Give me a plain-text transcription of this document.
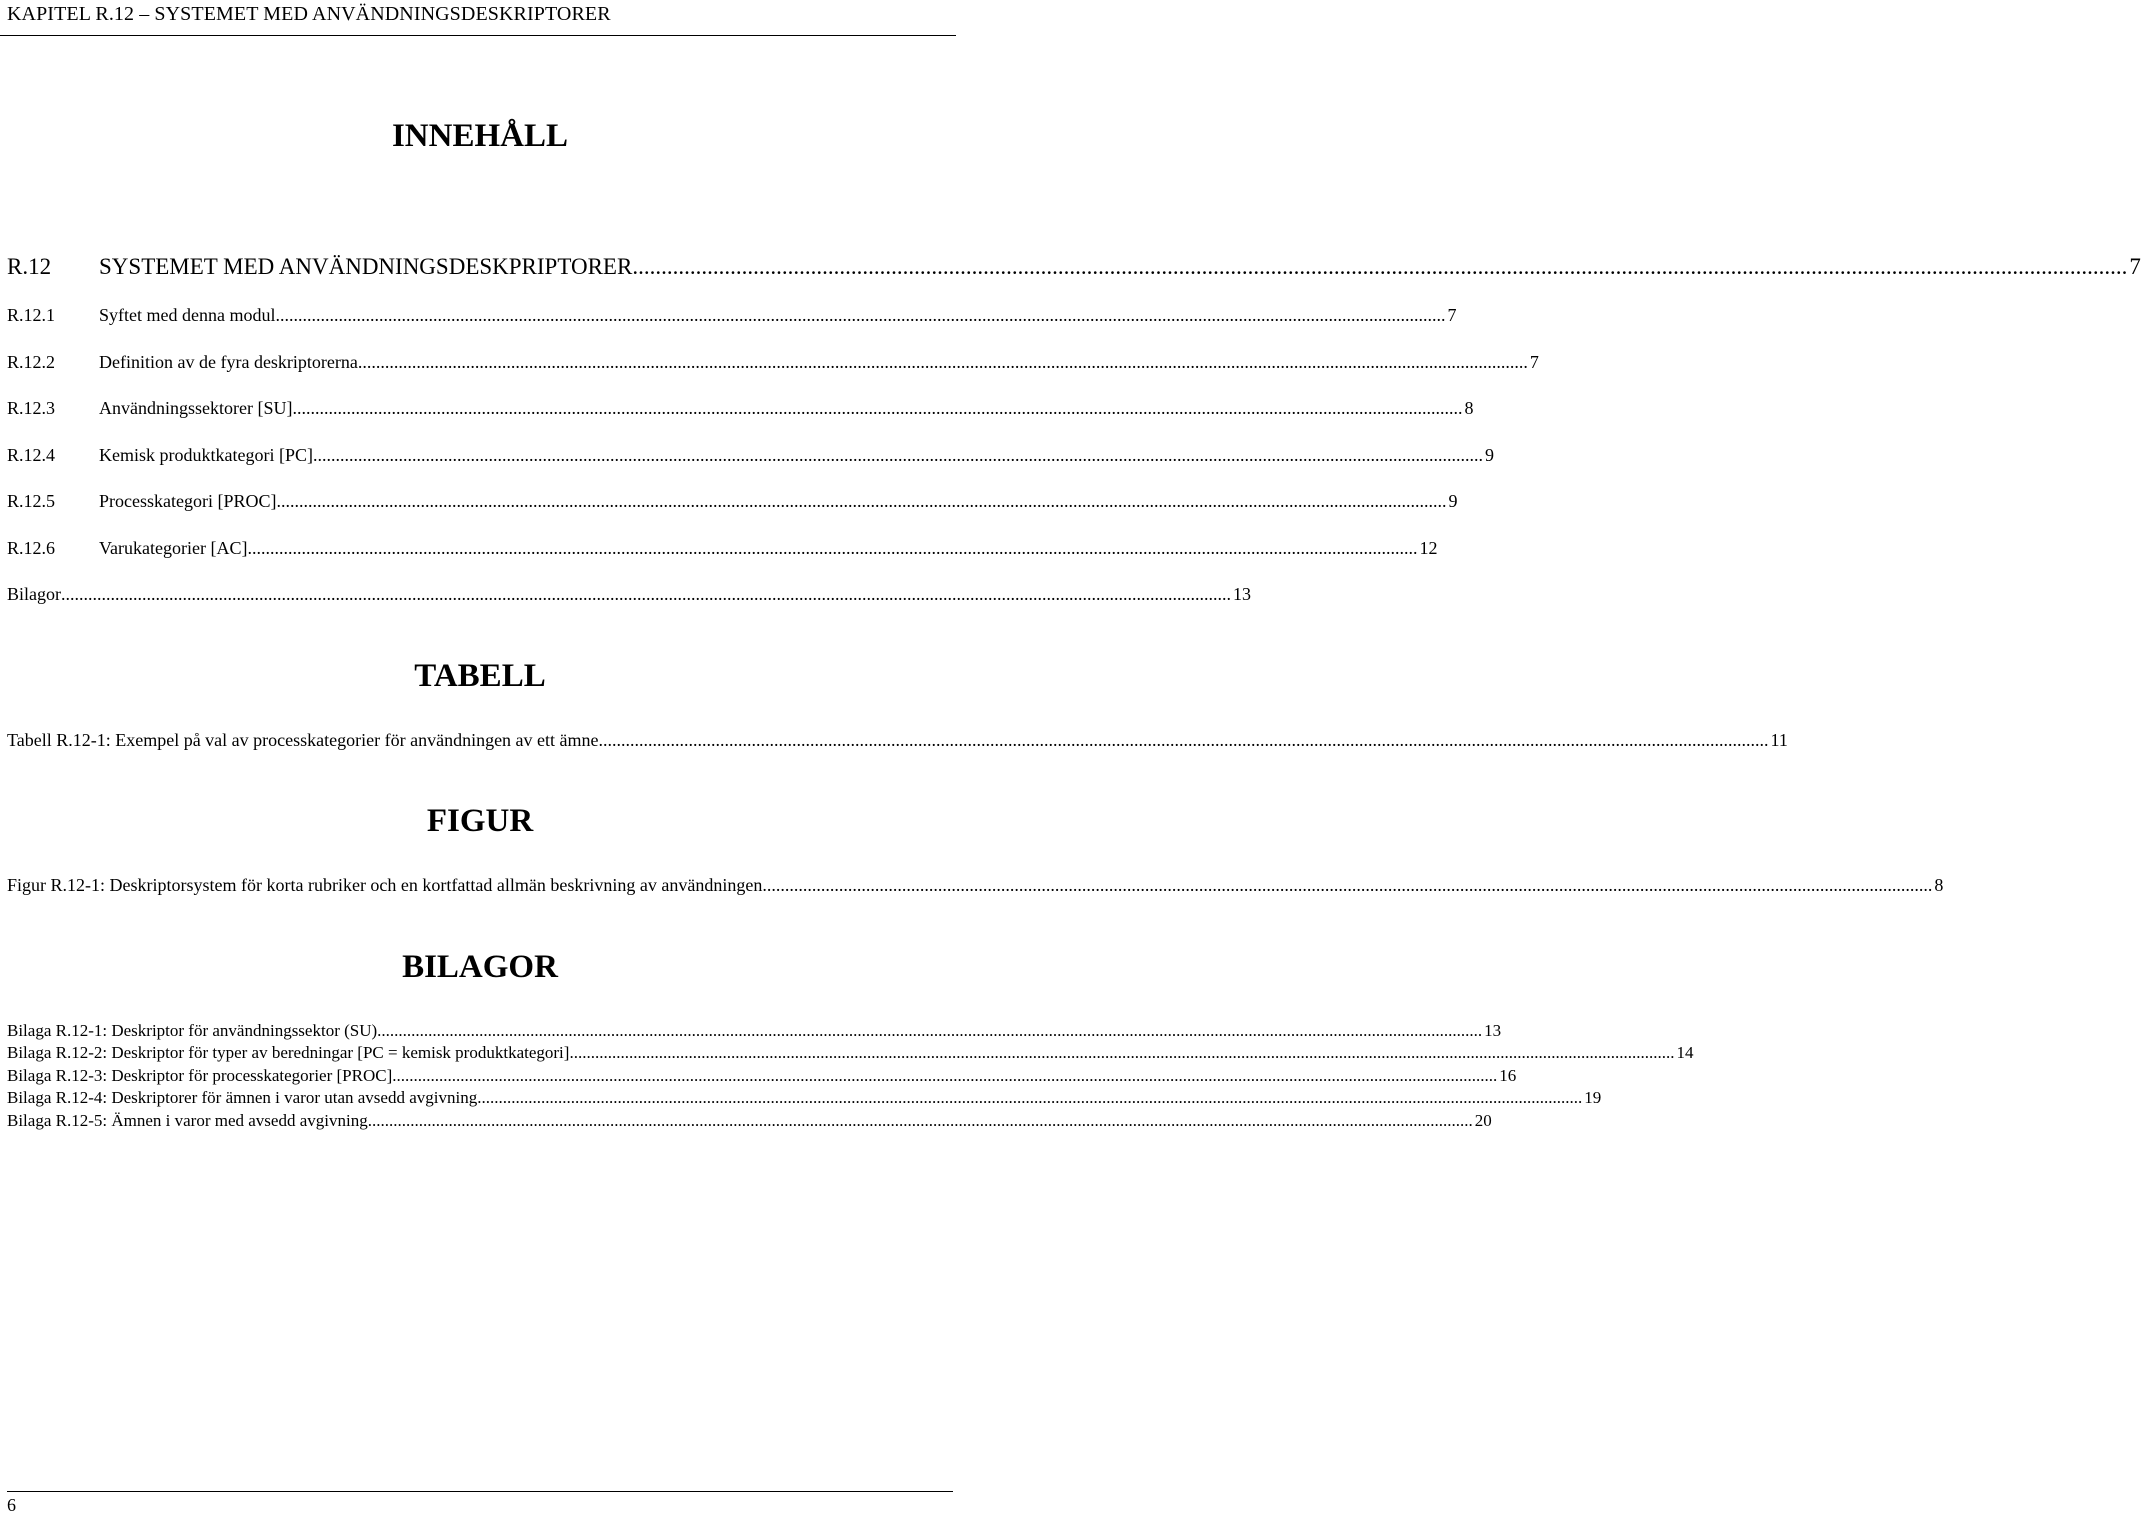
KAPITEL R.12 – SYSTEMET MED ANVÄNDNINGSDESKRIPTORER
INNEHÅLL
R.12	SYSTEMET MED ANVÄNDNINGSDESKPRIPTORER .................................................................................................................................................................................................................................................................... 7
R.12.1	Syftet med denna modul .................................................................................................................................................................................................................................................................... 7
R.12.2	Definition av de fyra deskriptorerna .................................................................................................................................................................................................................................................................... 7
R.12.3	Användningssektorer [SU] .................................................................................................................................................................................................................................................................... 8
R.12.4	Kemisk produktkategori [PC] .................................................................................................................................................................................................................................................................... 9
R.12.5	Processkategori [PROC] .................................................................................................................................................................................................................................................................... 9
R.12.6	Varukategorier [AC] .................................................................................................................................................................................................................................................................... 12
Bilagor .................................................................................................................................................................................................................................................................... 13
TABELL
Tabell R.12-1: Exempel på val av processkategorier för användningen av ett ämne .................................................................................................................................................................................................................................................................... 11
FIGUR
Figur R.12-1: Deskriptorsystem för korta rubriker och en kortfattad allmän beskrivning av användningen .................................................................................................................................................................................................................................................................... 8
BILAGOR
Bilaga R.12-1: Deskriptor för användningssektor (SU) .................................................................................................................................................................................................................................................................... 13
Bilaga R.12-2: Deskriptor för typer av beredningar [PC = kemisk produktkategori] .................................................................................................................................................................................................................................................................... 14
Bilaga R.12-3: Deskriptor för processkategorier [PROC] .................................................................................................................................................................................................................................................................... 16
Bilaga R.12-4: Deskriptorer för ämnen i varor utan avsedd avgivning .................................................................................................................................................................................................................................................................... 19
Bilaga R.12-5: Ämnen i varor med avsedd avgivning .................................................................................................................................................................................................................................................................... 20
6
